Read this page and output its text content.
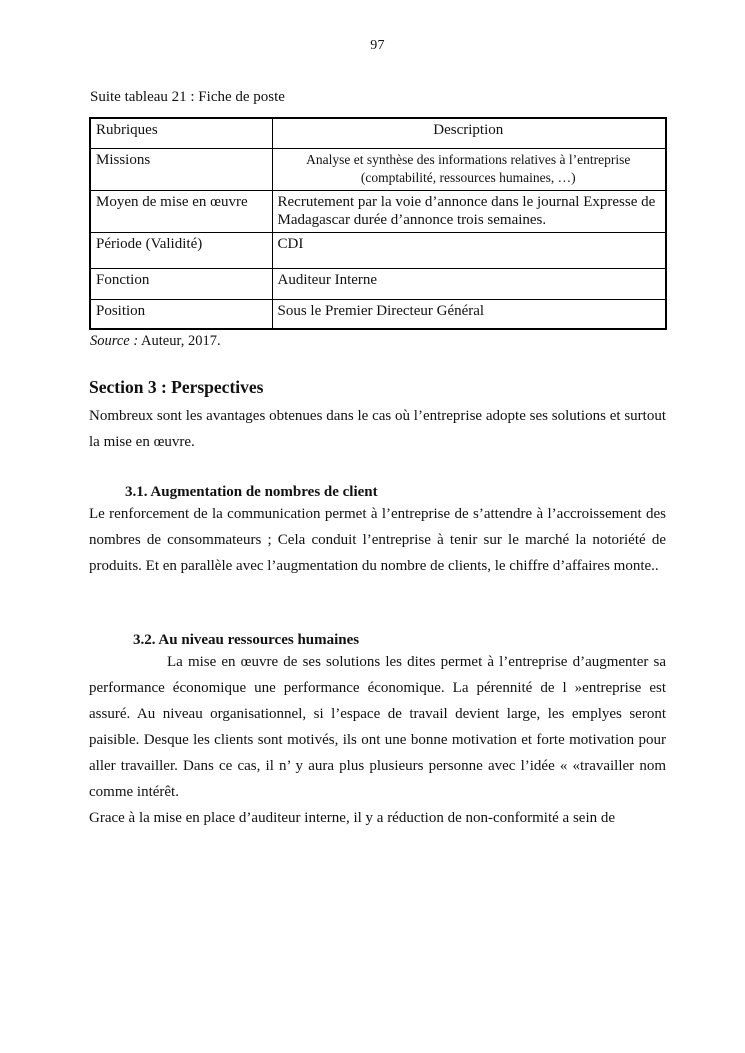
97
Suite tableau 21 : Fiche de poste
Rubriques	Description
Missions	Analyse et synthèse des informations relatives à l’entreprise
(comptabilité, ressources humaines, …)

Moyen de mise en œuvre	Recrutement par la voie d’annonce dans le journal Expresse de Madagascar durée d’annonce trois semaines.
Période (Validité)	CDI
Fonction	Auditeur Interne
Position	Sous le Premier Directeur Général
Source : Auteur, 2017.
Section 3 : Perspectives
Nombreux sont les avantages obtenues dans le cas où l’entreprise adopte ses solutions et surtout la mise en œuvre.
3.1. Augmentation de nombres de client
Le renforcement de la communication permet à l’entreprise de s’attendre à l’accroissement des nombres de consommateurs ; Cela conduit l’entreprise à tenir sur le marché la notoriété de produits. Et en parallèle avec l’augmentation du nombre de clients, le chiffre d’affaires monte..
3.2. Au niveau ressources humaines
La mise en œuvre de ses solutions les dites permet à l’entreprise d’augmenter sa performance économique une performance économique. La pérennité de l »entreprise est assuré. Au niveau organisationnel, si l’espace de travail devient large, les emplyes seront paisible. Desque les clients sont motivés, ils ont une bonne motivation et forte motivation pour aller travailler. Dans ce cas, il n’ y aura plus plusieurs personne avec l’idée « «travailler nom comme intérêt.
Grace à la mise en place d’auditeur interne, il y a réduction de non-conformité a sein de
